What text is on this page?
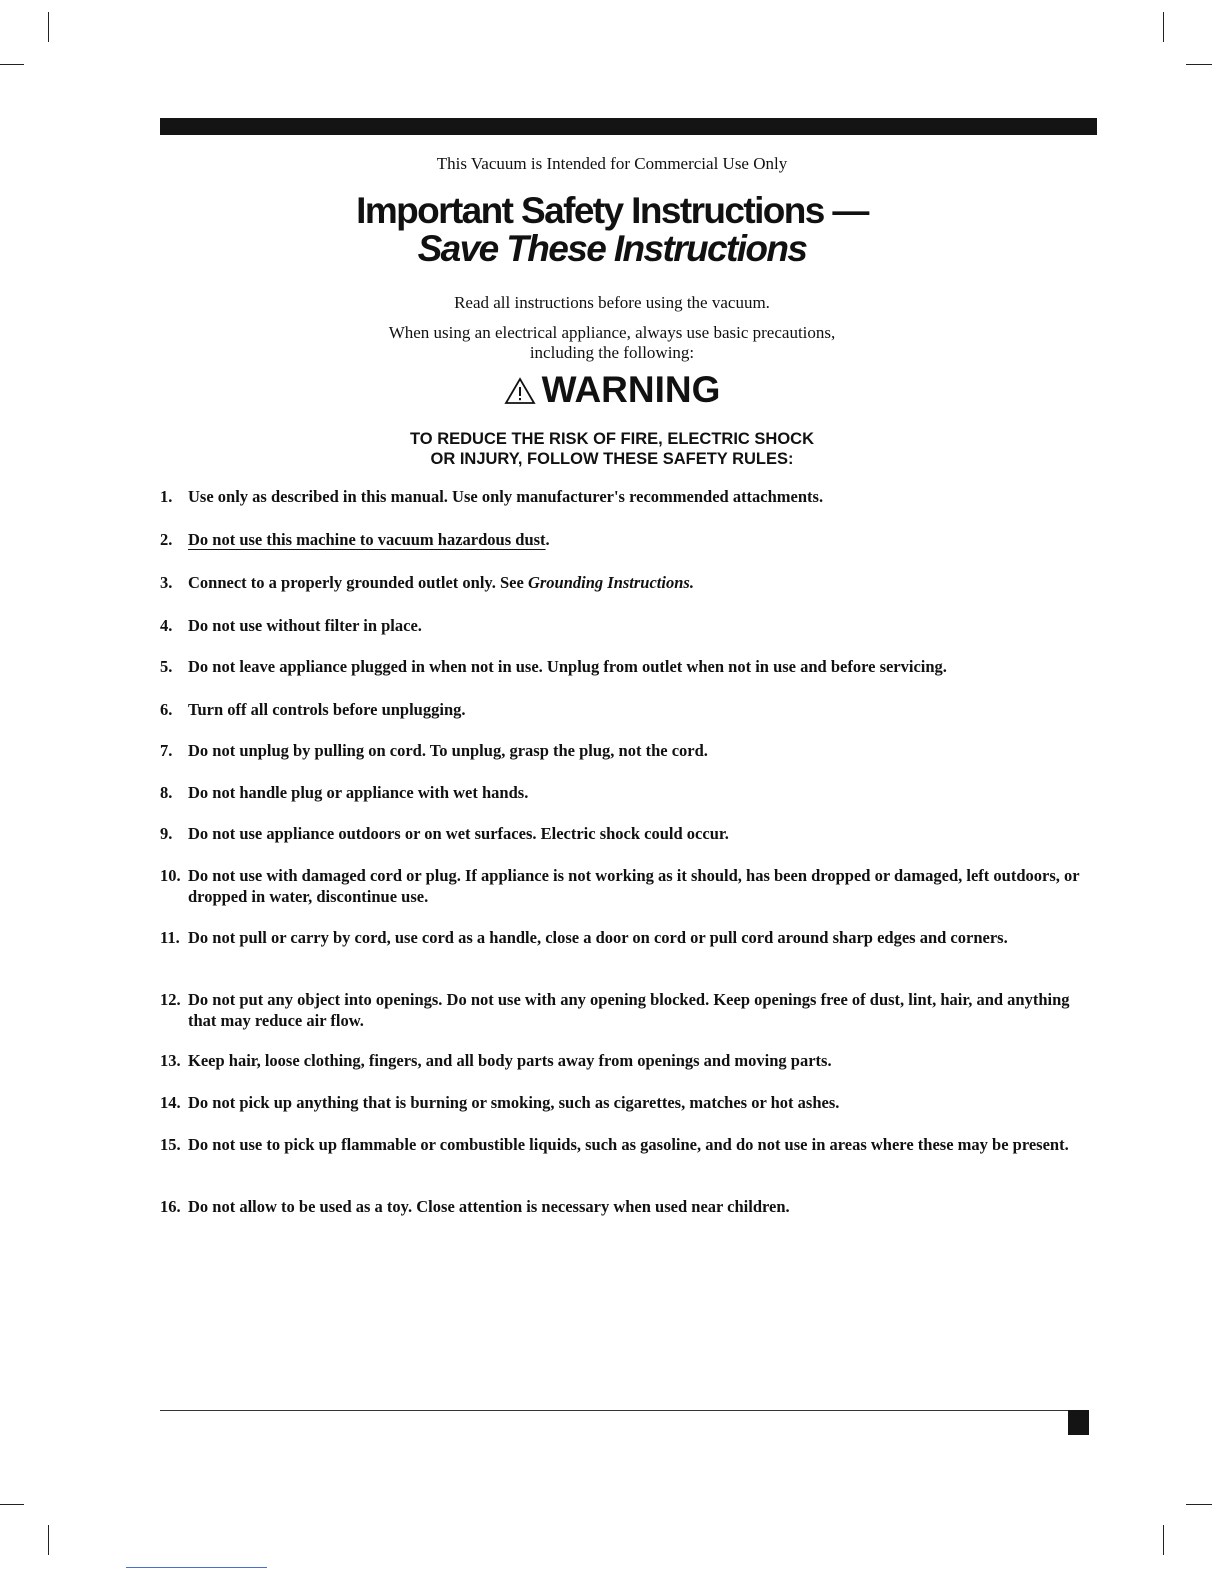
This Vacuum is Intended for Commercial Use Only
Important Safety Instructions —
Save These Instructions
Read all instructions before using the vacuum.
When using an electrical appliance, always use basic precautions,
including the following:
WARNING
TO REDUCE THE RISK OF FIRE, ELECTRIC SHOCK
OR INJURY, FOLLOW THESE SAFETY RULES:
1. Use only as described in this manual. Use only manufacturer's recommended attachments.
2. Do not use this machine to vacuum hazardous dust.
3. Connect to a properly grounded outlet only. See Grounding Instructions.
4. Do not use without filter in place.
5. Do not leave appliance plugged in when not in use. Unplug from outlet when not in use and before servicing.
6. Turn off all controls before unplugging.
7. Do not unplug by pulling on cord. To unplug, grasp the plug, not the cord.
8. Do not handle plug or appliance with wet hands.
9. Do not use appliance outdoors or on wet surfaces. Electric shock could occur.
10. Do not use with damaged cord or plug. If appliance is not working as it should, has been dropped or damaged, left outdoors, or dropped in water, discontinue use.
11. Do not pull or carry by cord, use cord as a handle, close a door on cord or pull cord around sharp edges and corners.
12. Do not put any object into openings. Do not use with any opening blocked. Keep openings free of dust, lint, hair, and anything that may reduce air flow.
13. Keep hair, loose clothing, fingers, and all body parts away from openings and moving parts.
14. Do not pick up anything that is burning or smoking, such as cigarettes, matches or hot ashes.
15. Do not use to pick up flammable or combustible liquids, such as gasoline, and do not use in areas where these may be present.
16. Do not allow to be used as a toy. Close attention is necessary when used near children.
